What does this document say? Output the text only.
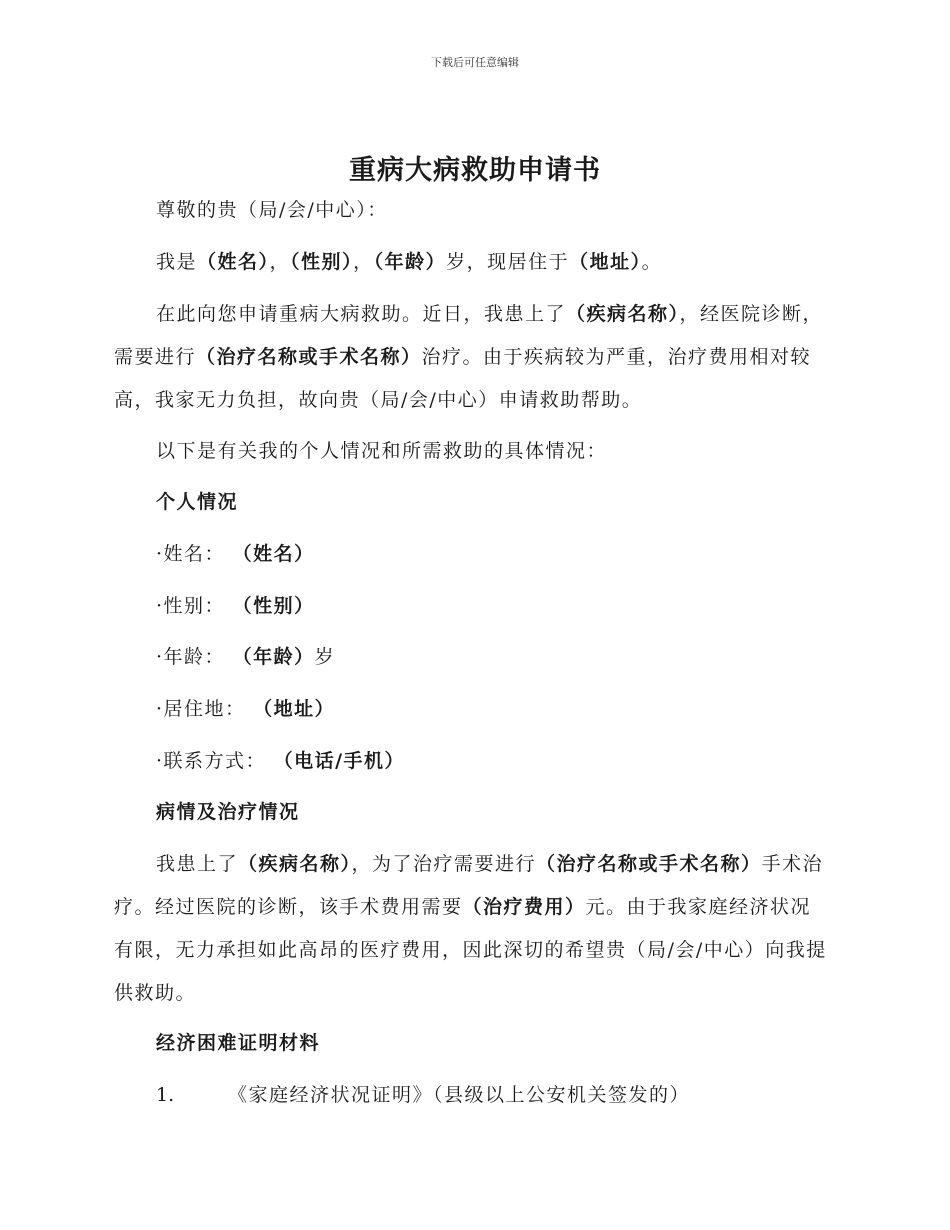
下载后可任意编辑
重病大病救助申请书
尊敬的贵（局/会/中心）：
我是（姓名），（性别），（年龄）岁，现居住于（地址）。
在此向您申请重病大病救助。近日，我患上了（疾病名称），经医院诊断，需要进行（治疗名称或手术名称）治疗。由于疾病较为严重，治疗费用相对较高，我家无力负担，故向贵（局/会/中心）申请救助帮助。
以下是有关我的个人情况和所需救助的具体情况：
个人情况
·姓名： （姓名）
·性别： （性别）
·年龄： （年龄）岁
·居住地： （地址）
·联系方式： （电话/手机）
病情及治疗情况
我患上了（疾病名称），为了治疗需要进行（治疗名称或手术名称）手术治疗。经过医院的诊断，该手术费用需要（治疗费用）元。由于我家庭经济状况有限，无力承担如此高昂的医疗费用，因此深切的希望贵（局/会/中心）向我提供救助。
经济困难证明材料
1.	《家庭经济状况证明》（县级以上公安机关签发的）
